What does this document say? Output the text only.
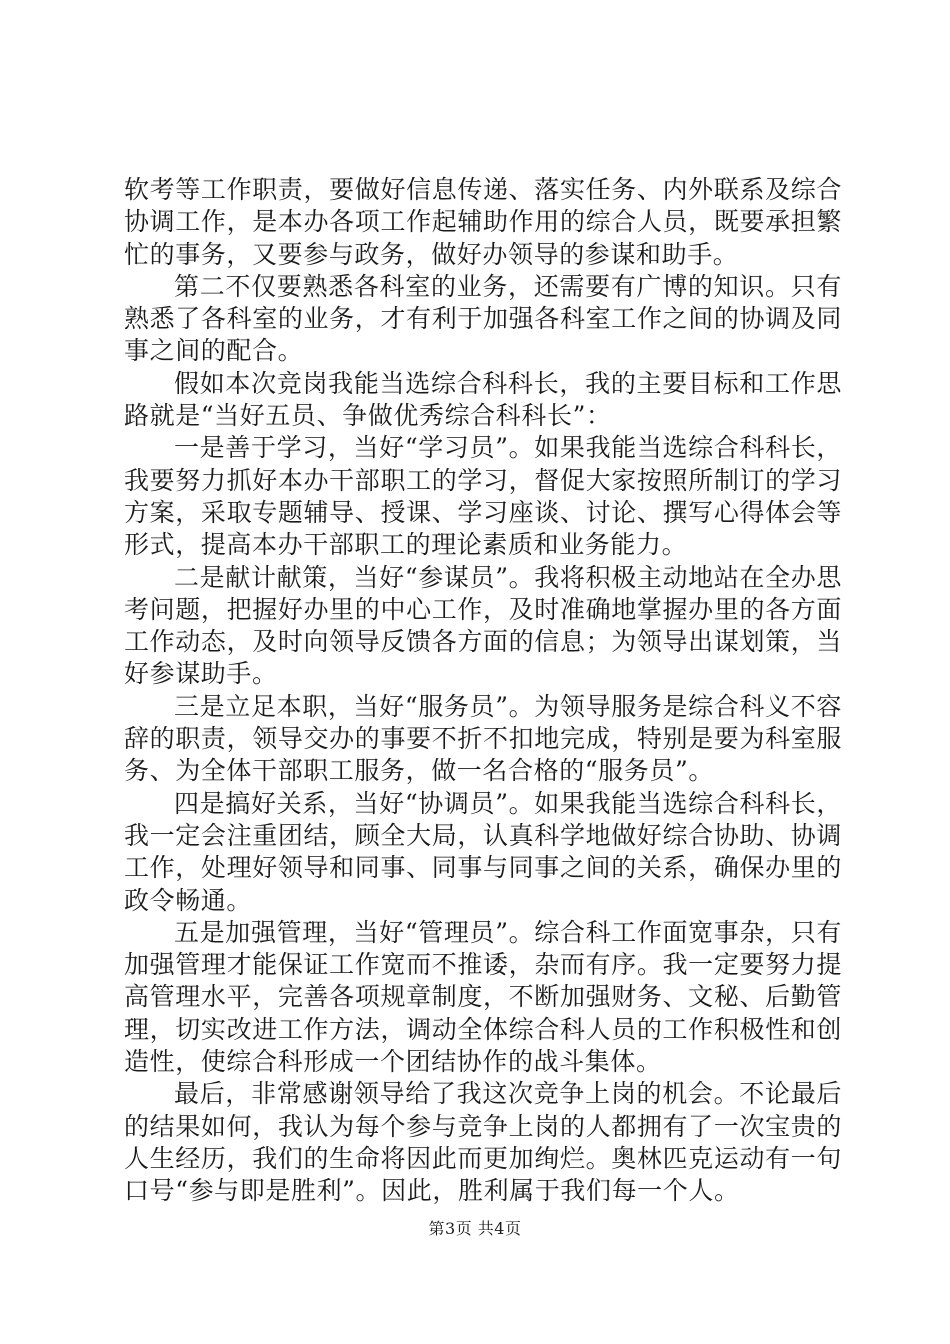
软考等工作职责，要做好信息传递、落实任务、内外联系及综合协调工作，是本办各项工作起辅助作用的综合人员，既要承担繁忙的事务，又要参与政务，做好办领导的参谋和助手。

第二不仅要熟悉各科室的业务，还需要有广博的知识。只有熟悉了各科室的业务，才有利于加强各科室工作之间的协调及同事之间的配合。

假如本次竞岗我能当选综合科科长，我的主要目标和工作思路就是“当好五员、争做优秀综合科科长”：

一是善于学习，当好“学习员”。如果我能当选综合科科长，我要努力抓好本办干部职工的学习，督促大家按照所制订的学习方案，采取专题辅导、授课、学习座谈、讨论、撰写心得体会等形式，提高本办干部职工的理论素质和业务能力。

二是献计献策，当好“参谋员”。我将积极主动地站在全办思考问题，把握好办里的中心工作，及时准确地掌握办里的各方面工作动态，及时向领导反馈各方面的信息；为领导出谋划策，当好参谋助手。

三是立足本职，当好“服务员”。为领导服务是综合科义不容辞的职责，领导交办的事要不折不扣地完成，特别是要为科室服务、为全体干部职工服务，做一名合格的“服务员”。

四是搞好关系，当好“协调员”。如果我能当选综合科科长，我一定会注重团结，顾全大局，认真科学地做好综合协助、协调工作，处理好领导和同事、同事与同事之间的关系，确保办里的政令畅通。

五是加强管理，当好“管理员”。综合科工作面宽事杂，只有加强管理才能保证工作宽而不推诿，杂而有序。我一定要努力提高管理水平，完善各项规章制度，不断加强财务、文秘、后勤管理，切实改进工作方法，调动全体综合科人员的工作积极性和创造性，使综合科形成一个团结协作的战斗集体。

最后，非常感谢领导给了我这次竞争上岗的机会。不论最后的结果如何，我认为每个参与竞争上岗的人都拥有了一次宝贵的人生经历，我们的生命将因此而更加绚烂。奥林匹克运动有一句口号“参与即是胜利”。因此，胜利属于我们每一个人。

第3页 共4页
